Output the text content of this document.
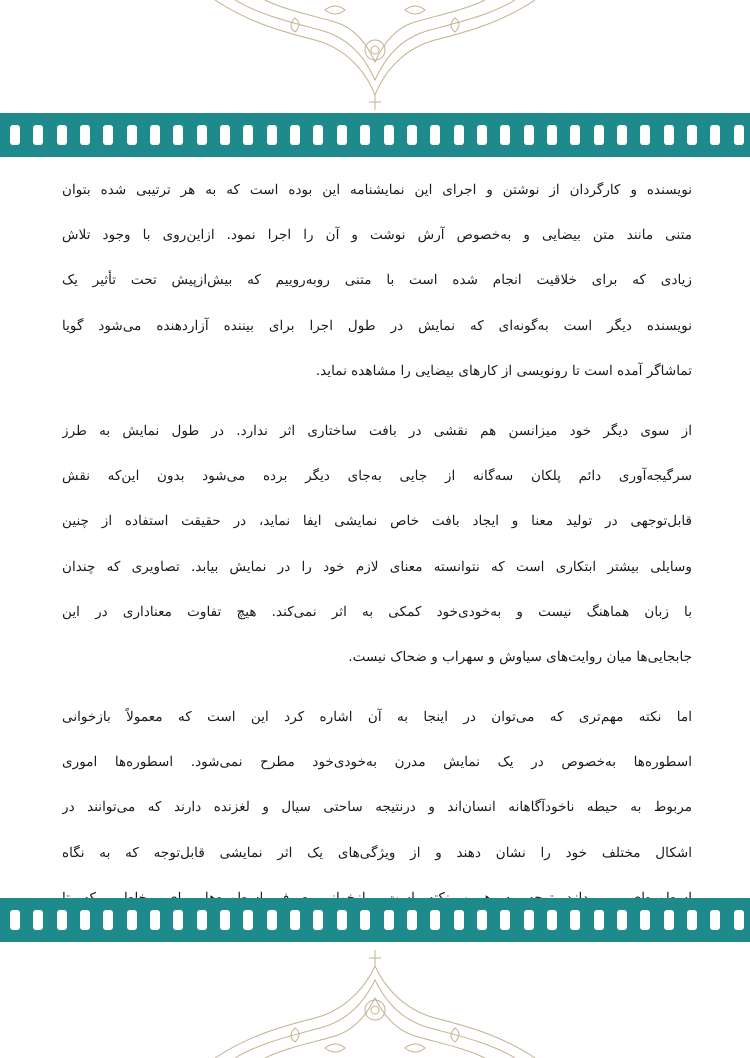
نویسنده و کارگردان از نوشتن و اجرای این نمایشنامه این بوده است که به هر ترتیبی شده بتوان
متنی مانند متن بیضایی و به‌خصوص آرش نوشت و آن را اجرا نمود. ازاین‌روی با وجود تلاش
زیادی که برای خلاقیت انجام شده است با متنی روبه‌روییم که بیش‌ازپیش تحت تأثیر یک
نویسنده دیگر است به‌گونه‌ای که نمایش در طول اجرا برای بیننده آزاردهنده می‌شود گویا
تماشاگر آمده است تا رونویسی از کارهای بیضایی را مشاهده نماید.
از سوی دیگر خود میزانسن هم نقشی در بافت ساختاری اثر ندارد. در طول نمایش به طرز
سرگیجه‌آوری دائم پلکان سه‌گانه از جایی به‌جای دیگر برده می‌شود بدون این‌که نقش
قابل‌توجهی در تولید معنا و ایجاد بافت خاص نمایشی ایفا نماید، در حقیقت استفاده از چنین
وسایلی بیشتر ابتکاری است که نتوانسته معنای لازم خود را در نمایش بیابد. تصاویری که چندان
با زبان هماهنگ نیست و به‌خودی‌خود کمکی به اثر نمی‌کند. هیچ تفاوت معناداری در این
جابجایی‌ها میان روایت‌های سیاوش و سهراب و ضحاک نیست.
اما نکته مهم‌تری که می‌توان در اینجا به آن اشاره کرد این است که معمولاً بازخوانی
اسطوره‌ها به‌خصوص در یک نمایش مدرن به‌خودی‌خود مطرح نمی‌شود. اسطوره‌ها اموری
مربوط به حیطه ناخودآگاهانه انسان‌اند و درنتیجه ساحتی سیال و لغزنده دارند که می‌توانند در
اشکال مختلف خود را نشان دهند و از ویژگی‌های یک اثر نمایشی قابل‌توجه که به نگاه
